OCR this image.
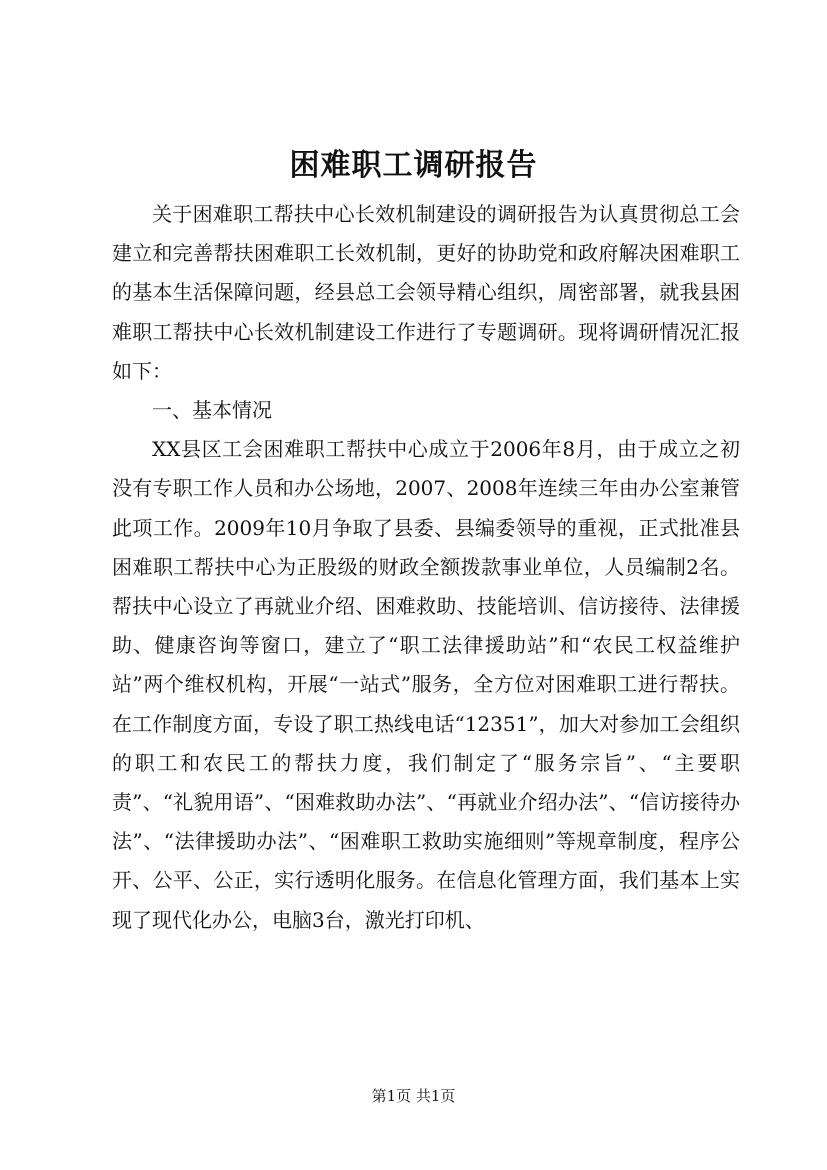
困难职工调研报告

关于困难职工帮扶中心长效机制建设的调研报告为认真贯彻总工会建立和完善帮扶困难职工长效机制，更好的协助党和政府解决困难职工的基本生活保障问题，经县总工会领导精心组织，周密部署，就我县困难职工帮扶中心长效机制建设工作进行了专题调研。现将调研情况汇报如下：

一、基本情况

XX县区工会困难职工帮扶中心成立于2006年8月，由于成立之初没有专职工作人员和办公场地，2007、2008年连续三年由办公室兼管此项工作。2009年10月争取了县委、县编委领导的重视，正式批准县困难职工帮扶中心为正股级的财政全额拨款事业单位，人员编制2名。帮扶中心设立了再就业介绍、困难救助、技能培训、信访接待、法律援助、健康咨询等窗口，建立了“职工法律援助站”和“农民工权益维护站”两个维权机构，开展“一站式”服务，全方位对困难职工进行帮扶。在工作制度方面，专设了职工热线电话“12351”，加大对参加工会组织的职工和农民工的帮扶力度，我们制定了“服务宗旨”、“主要职责”、“礼貌用语”、“困难救助办法”、“再就业介绍办法”、“信访接待办法”、“法律援助办法”、“困难职工救助实施细则”等规章制度，程序公开、公平、公正，实行透明化服务。在信息化管理方面，我们基本上实现了现代化办公，电脑3台，激光打印机、

第1页 共1页
